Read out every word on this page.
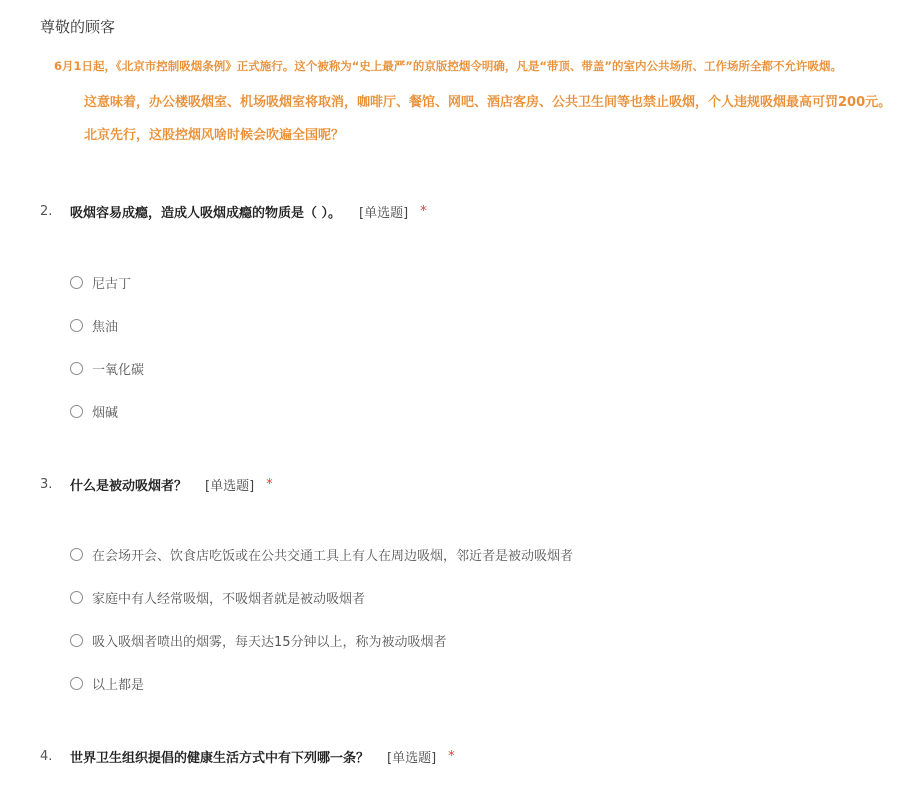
尊敬的顾客
6月1日起，《北京市控制吸烟条例》正式施行。这个被称为“史上最严”的京版控烟令明确，凡是“带顶、带盖”的室内公共场所、工作场所全都不允许吸烟。
这意味着，办公楼吸烟室、机场吸烟室将取消，咖啡厅、餐馆、网吧、酒店客房、公共卫生间等也禁止吸烟，个人违规吸烟最高可罚200元。
北京先行，这股控烟风啥时候会吹遍全国呢？
2.	吸烟容易成瘾，造成人吸烟成瘾的物质是（ ）。 [单选题] *
尼古丁
焦油
一氧化碳
烟碱
3.	什么是被动吸烟者？ [单选题] *
在会场开会、饮食店吃饭或在公共交通工具上有人在周边吸烟，邻近者是被动吸烟者
家庭中有人经常吸烟，不吸烟者就是被动吸烟者
吸入吸烟者喷出的烟雾，每天达15分钟以上，称为被动吸烟者
以上都是
4.	世界卫生组织提倡的健康生活方式中有下列哪一条？ [单选题] *
